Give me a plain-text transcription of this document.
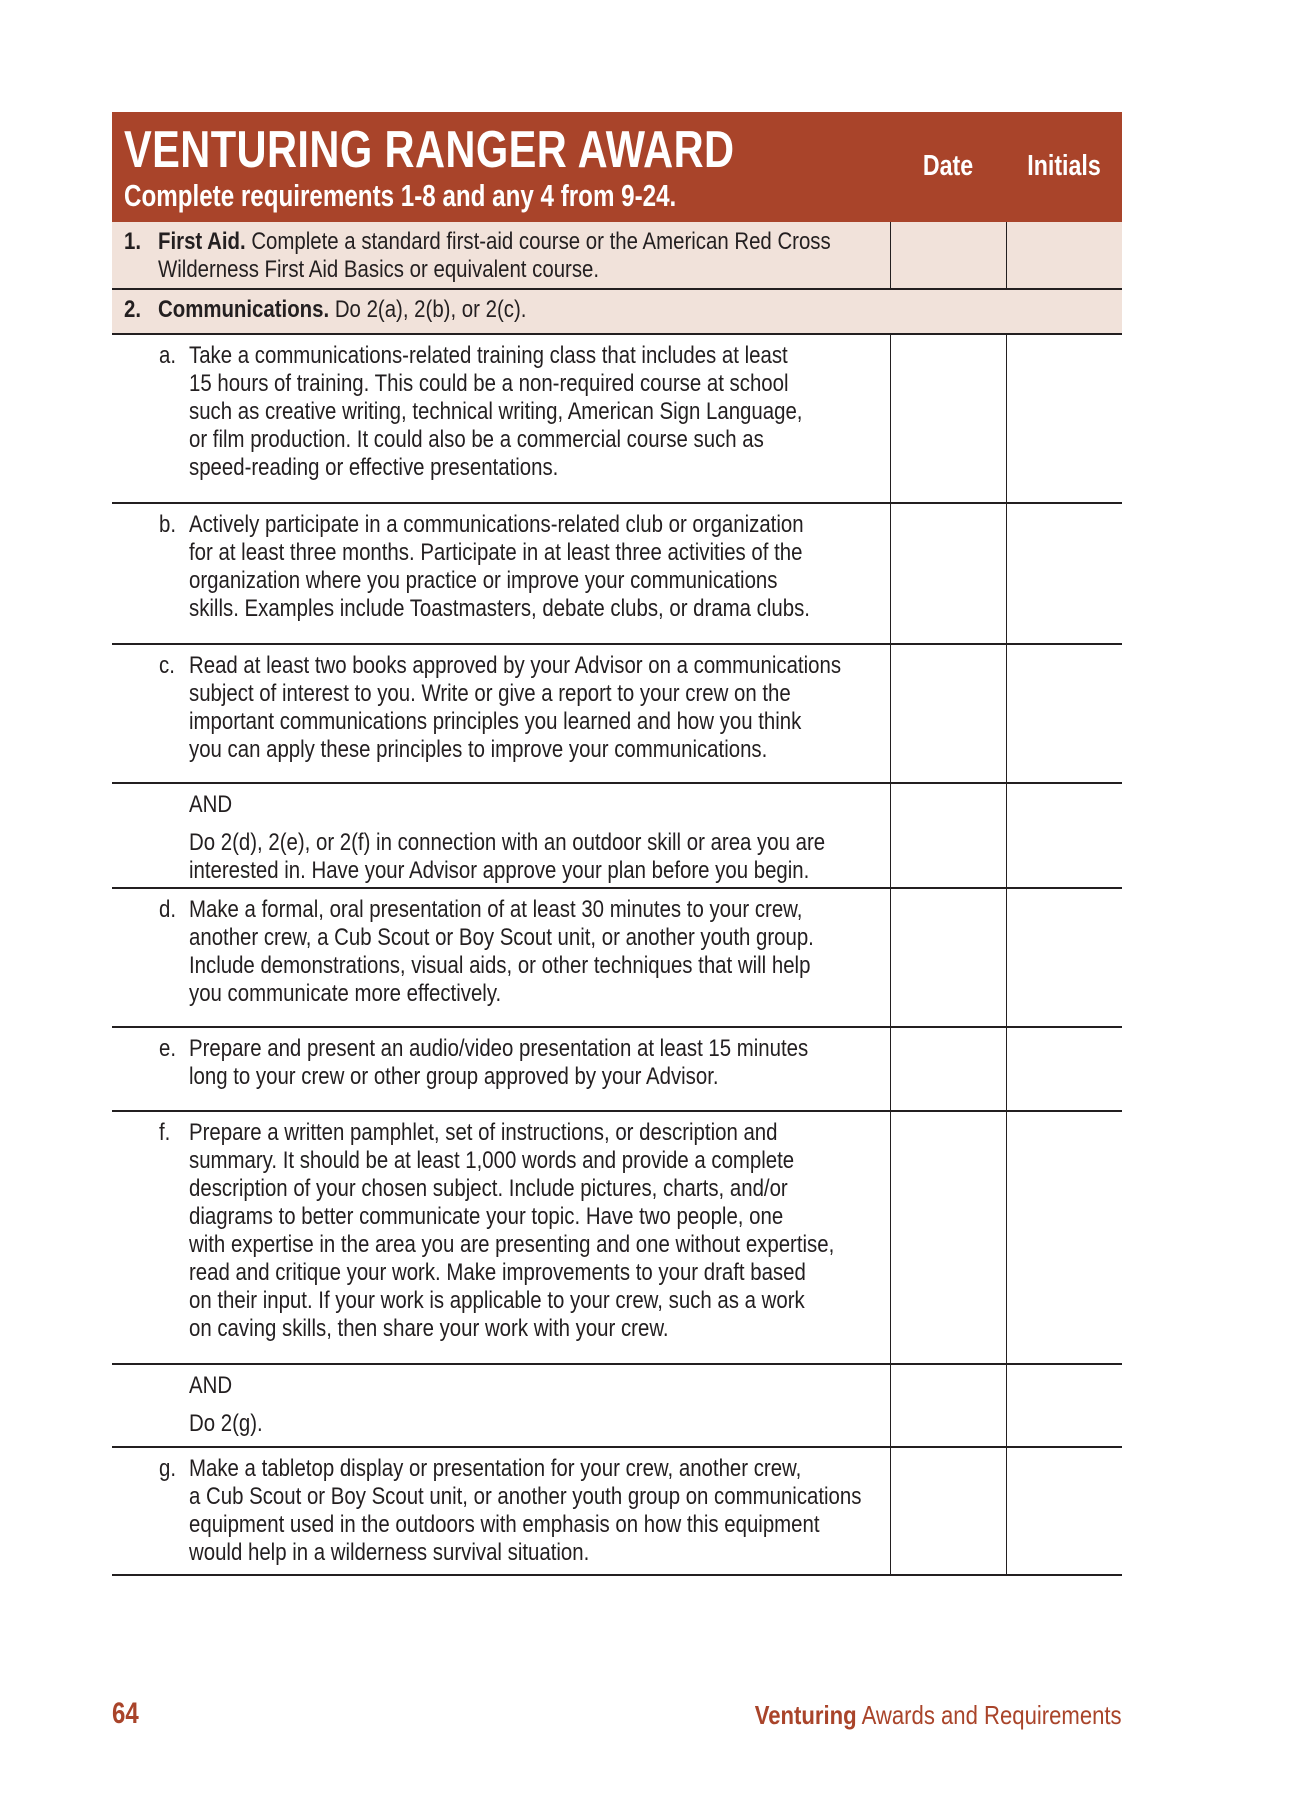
VENTURING RANGER AWARD
Complete requirements 1-8 and any 4 from 9-24.
Date	Initials
1. First Aid. Complete a standard first-aid course or the American Red Cross
Wilderness First Aid Basics or equivalent course.
2. Communications. Do 2(a), 2(b), or 2(c).
a. Take a communications-related training class that includes at least
15 hours of training. This could be a non-required course at school
such as creative writing, technical writing, American Sign Language,
or film production. It could also be a commercial course such as
speed-reading or effective presentations.
b. Actively participate in a communications-related club or organization
for at least three months. Participate in at least three activities of the
organization where you practice or improve your communications
skills. Examples include Toastmasters, debate clubs, or drama clubs.
c. Read at least two books approved by your Advisor on a communications
subject of interest to you. Write or give a report to your crew on the
important communications principles you learned and how you think
you can apply these principles to improve your communications.
AND
Do 2(d), 2(e), or 2(f) in connection with an outdoor skill or area you are
interested in. Have your Advisor approve your plan before you begin.
d. Make a formal, oral presentation of at least 30 minutes to your crew,
another crew, a Cub Scout or Boy Scout unit, or another youth group.
Include demonstrations, visual aids, or other techniques that will help
you communicate more effectively.
e. Prepare and present an audio/video presentation at least 15 minutes
long to your crew or other group approved by your Advisor.
f. Prepare a written pamphlet, set of instructions, or description and
summary. It should be at least 1,000 words and provide a complete
description of your chosen subject. Include pictures, charts, and/or
diagrams to better communicate your topic. Have two people, one
with expertise in the area you are presenting and one without expertise,
read and critique your work. Make improvements to your draft based
on their input. If your work is applicable to your crew, such as a work
on caving skills, then share your work with your crew.
AND
Do 2(g).
g. Make a tabletop display or presentation for your crew, another crew,
a Cub Scout or Boy Scout unit, or another youth group on communications
equipment used in the outdoors with emphasis on how this equipment
would help in a wilderness survival situation.
64	Venturing Awards and Requirements
